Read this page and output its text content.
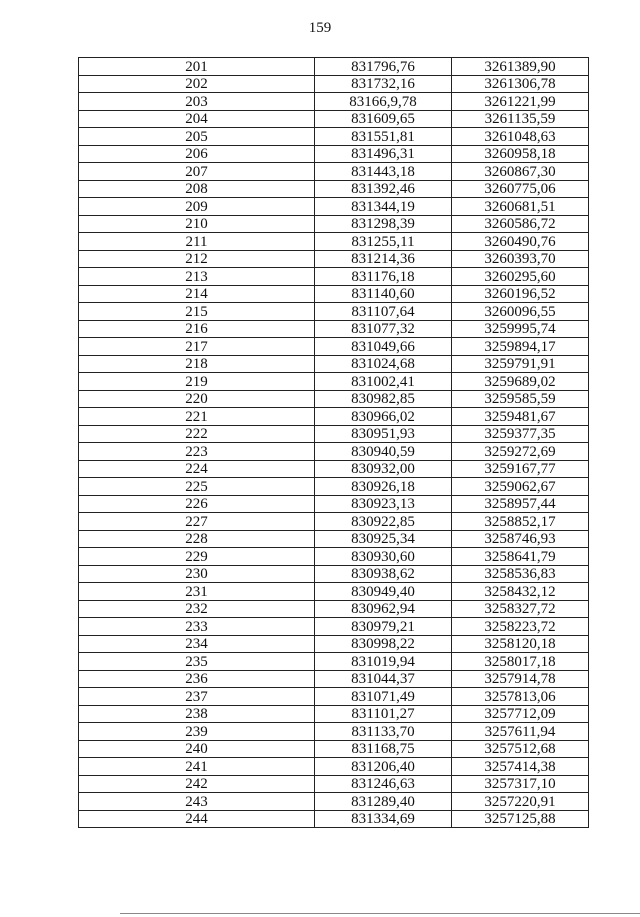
159
201	831796,76	3261389,90
202	831732,16	3261306,78
203	83166,9,78	3261221,99
204	831609,65	3261135,59
205	831551,81	3261048,63
206	831496,31	3260958,18
207	831443,18	3260867,30
208	831392,46	3260775,06
209	831344,19	3260681,51
210	831298,39	3260586,72
211	831255,11	3260490,76
212	831214,36	3260393,70
213	831176,18	3260295,60
214	831140,60	3260196,52
215	831107,64	3260096,55
216	831077,32	3259995,74
217	831049,66	3259894,17
218	831024,68	3259791,91
219	831002,41	3259689,02
220	830982,85	3259585,59
221	830966,02	3259481,67
222	830951,93	3259377,35
223	830940,59	3259272,69
224	830932,00	3259167,77
225	830926,18	3259062,67
226	830923,13	3258957,44
227	830922,85	3258852,17
228	830925,34	3258746,93
229	830930,60	3258641,79
230	830938,62	3258536,83
231	830949,40	3258432,12
232	830962,94	3258327,72
233	830979,21	3258223,72
234	830998,22	3258120,18
235	831019,94	3258017,18
236	831044,37	3257914,78
237	831071,49	3257813,06
238	831101,27	3257712,09
239	831133,70	3257611,94
240	831168,75	3257512,68
241	831206,40	3257414,38
242	831246,63	3257317,10
243	831289,40	3257220,91
244	831334,69	3257125,88
